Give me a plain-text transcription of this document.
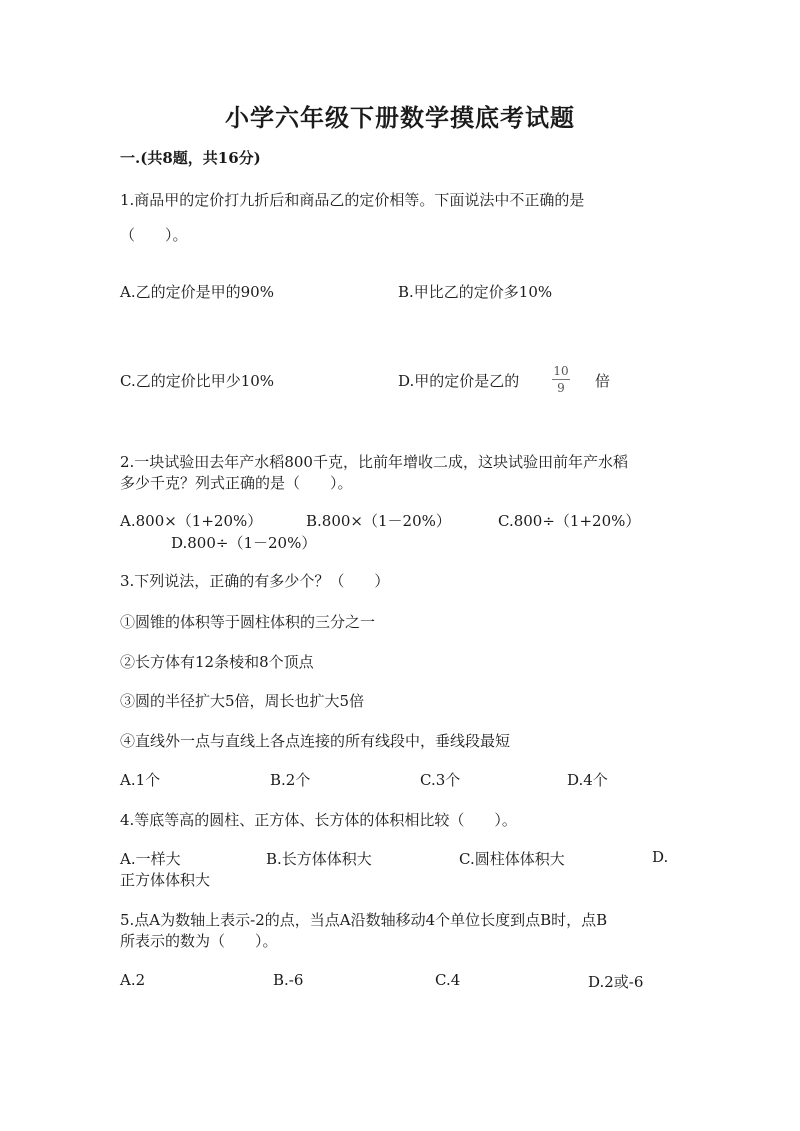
小学六年级下册数学摸底考试题
一.(共8题，共16分)
1.商品甲的定价打九折后和商品乙的定价相等。下面说法中不正确的是
（　　）。
A.乙的定价是甲的90%	B.甲比乙的定价多10%
C.乙的定价比甲少10%	D.甲的定价是乙的
10
9	倍
2.一块试验田去年产水稻800千克，比前年增收二成，这块试验田前年产水稻
多少千克？列式正确的是（　　）。
A.800×（1+20%）	B.800×（1－20%）	C.800÷（1+20%）
D.800÷（1－20%）
3.下列说法，正确的有多少个？（　　）
①圆锥的体积等于圆柱体积的三分之一
②长方体有12条棱和8个顶点
③圆的半径扩大5倍，周长也扩大5倍
④直线外一点与直线上各点连接的所有线段中，垂线段最短
A.1个	B.2个	C.3个	D.4个
4.等底等高的圆柱、正方体、长方体的体积相比较（　　）。
A.一样大	B.长方体体积大	C.圆柱体体积大	D.
正方体体积大
5.点A为数轴上表示-2的点，当点A沿数轴移动4个单位长度到点B时，点B
所表示的数为（　　）。
A.2	B.-6	C.4	D.2或-6
